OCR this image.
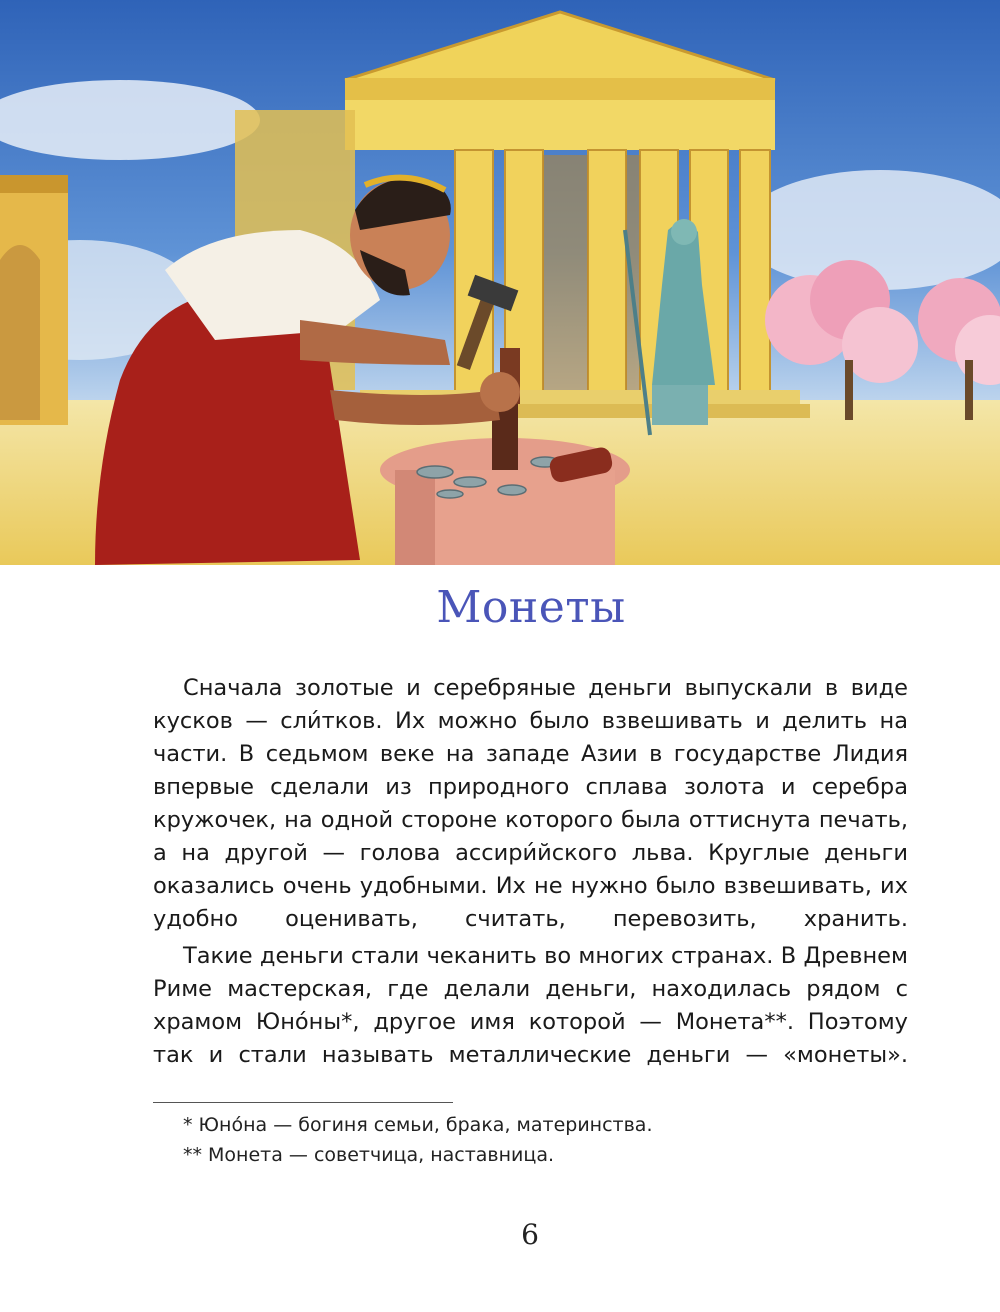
Монеты

Сначала золотые и серебряные деньги выпускали в виде кусков — сли́тков. Их можно было взвешивать и делить на части. В седьмом веке на западе Азии в государстве Лидия впервые сделали из природного сплава золота и серебра кружочек, на одной стороне которого была оттиснута печать, а на другой — голова ассири́йского льва. Круглые деньги оказались очень удобными. Их не нужно было взвешивать, их удобно оценивать, считать, перевозить, хранить.

Такие деньги стали чеканить во многих странах. В Древнем Риме мастерская, где делали деньги, находилась рядом с храмом Юно́ны*, другое имя которой — Монета**. Поэтому так и стали называть металлические деньги — «монеты».

* Юно́на — богиня семьи, брака, материнства.
** Монета — советчица, наставница.
6
